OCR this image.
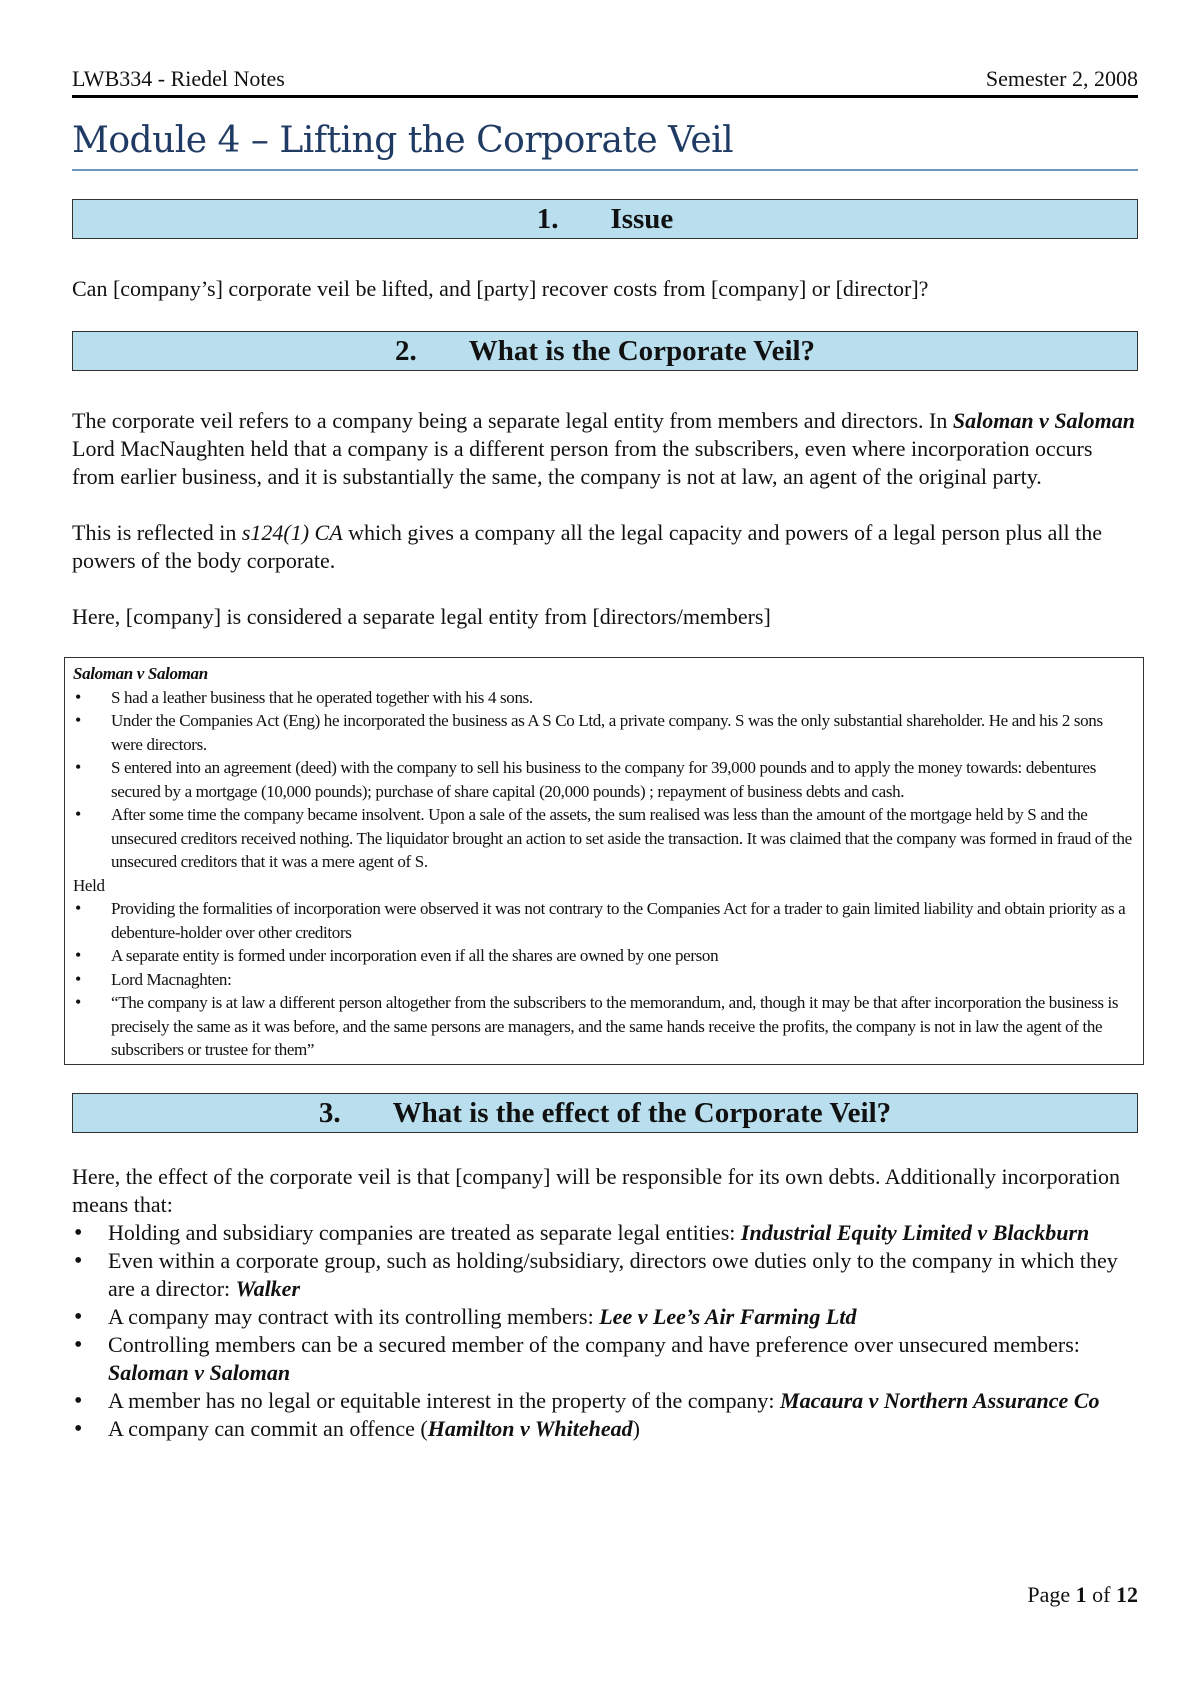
LWB334 - Riedel Notes	Semester 2, 2008
Module 4 – Lifting the Corporate Veil
1. Issue

Can [company’s] corporate veil be lifted, and [party] recover costs from [company] or [director]?

2. What is the Corporate Veil?

The corporate veil refers to a company being a separate legal entity from members and directors. In Saloman v Saloman Lord MacNaughten held that a company is a different person from the subscribers, even where incorporation occurs from earlier business, and it is substantially the same, the company is not at law, an agent of the original party.

This is reflected in s124(1) CA which gives a company all the legal capacity and powers of a legal person plus all the powers of the body corporate.

Here, [company] is considered a separate legal entity from [directors/members]

Saloman v Saloman
• S had a leather business that he operated together with his 4 sons.
• Under the Companies Act (Eng) he incorporated the business as A S Co Ltd, a private company. S was the only substantial shareholder. He and his 2 sons were directors.
• S entered into an agreement (deed) with the company to sell his business to the company for 39,000 pounds and to apply the money towards: debentures secured by a mortgage (10,000 pounds); purchase of share capital (20,000 pounds) ; repayment of business debts and cash.
• After some time the company became insolvent. Upon a sale of the assets, the sum realised was less than the amount of the mortgage held by S and the unsecured creditors received nothing. The liquidator brought an action to set aside the transaction. It was claimed that the company was formed in fraud of the unsecured creditors that it was a mere agent of S.
Held
• Providing the formalities of incorporation were observed it was not contrary to the Companies Act for a trader to gain limited liability and obtain priority as a debenture-holder over other creditors
• A separate entity is formed under incorporation even if all the shares are owned by one person
• Lord Macnaghten:
• “The company is at law a different person altogether from the subscribers to the memorandum, and, though it may be that after incorporation the business is precisely the same as it was before, and the same persons are managers, and the same hands receive the profits, the company is not in law the agent of the subscribers or trustee for them”
3. What is the effect of the Corporate Veil?

Here, the effect of the corporate veil is that [company] will be responsible for its own debts. Additionally incorporation means that:

• Holding and subsidiary companies are treated as separate legal entities: Industrial Equity Limited v Blackburn
• Even within a corporate group, such as holding/subsidiary, directors owe duties only to the company in which they are a director: Walker
• A company may contract with its controlling members: Lee v Lee’s Air Farming Ltd
• Controlling members can be a secured member of the company and have preference over unsecured members: Saloman v Saloman
• A member has no legal or equitable interest in the property of the company: Macaura v Northern Assurance Co
• A company can commit an offence (Hamilton v Whitehead)
Page 1 of 12
